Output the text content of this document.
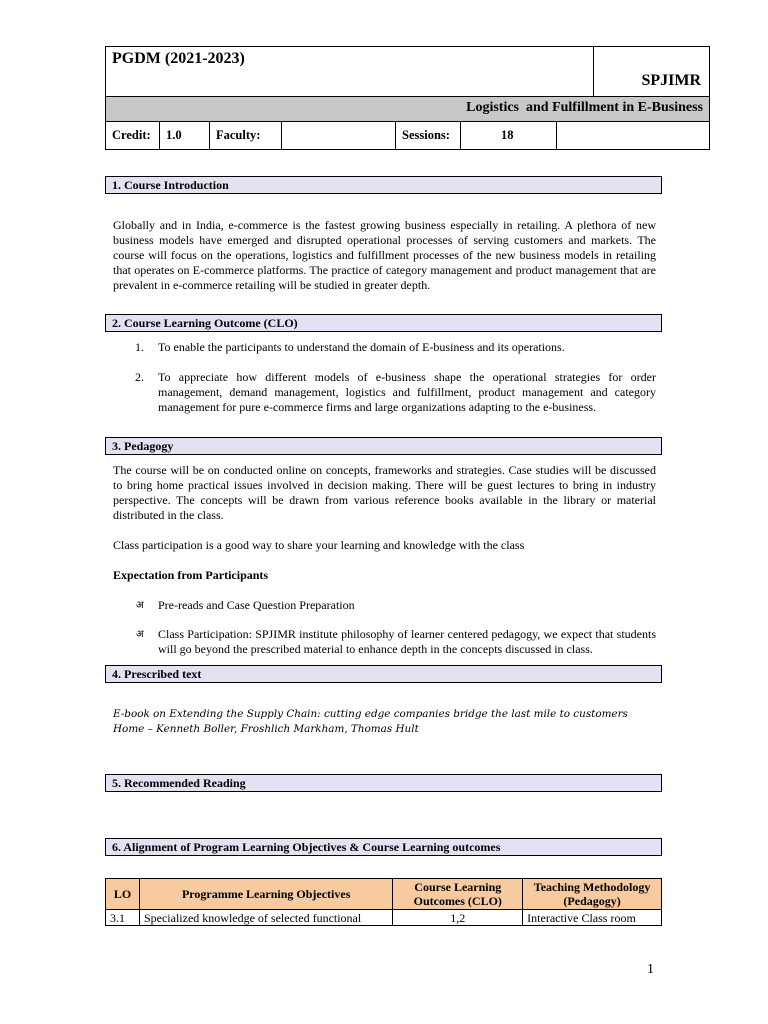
PGDM (2021-2023)
SPJIMR
Logistics  and Fulfillment in E-Business
Credit:	1.0	Faculty:	Sessions:	18
1. Course Introduction

Globally and in India, e-commerce is the fastest growing business especially in retailing. A plethora of new business models have emerged and disrupted operational processes of serving customers and markets. The course will focus on the operations, logistics and fulfillment processes of the new business models in retailing that operates on E-commerce platforms. The practice of category management and product management that are prevalent in e-commerce retailing will be studied in greater depth.

2. Course Learning Outcome (CLO)
1. To enable the participants to understand the domain of E-business and its operations.
2. To appreciate how different models of e-business shape the operational strategies for order management, demand management, logistics and fulfillment, product management and category management for pure e-commerce firms and large organizations adapting to the e-business.
3. Pedagogy

The course will be on conducted online on concepts, frameworks and strategies. Case studies will be discussed to bring home practical issues involved in decision making. There will be guest lectures to bring in industry perspective. The concepts will be drawn from various reference books available in the library or material distributed in the class.

Class participation is a good way to share your learning and knowledge with the class

Expectation from Participants

अ Pre-reads and Case Question Preparation
अ Class Participation: SPJIMR institute philosophy of learner centered pedagogy, we expect that students will go beyond the prescribed material to enhance depth in the concepts discussed in class.
4. Prescribed text
E-book on Extending the Supply Chain: cutting edge companies bridge the last mile to customers Home – Kenneth Boller, Froshlich Markham, Thomas Hult
5. Recommended Reading
6. Alignment of Program Learning Objectives & Course Learning outcomes
LO	Programme Learning Objectives	Course Learning Outcomes (CLO)	Teaching Methodology (Pedagogy)
3.1	Specialized knowledge of selected functional	1,2	Interactive Class room
1
